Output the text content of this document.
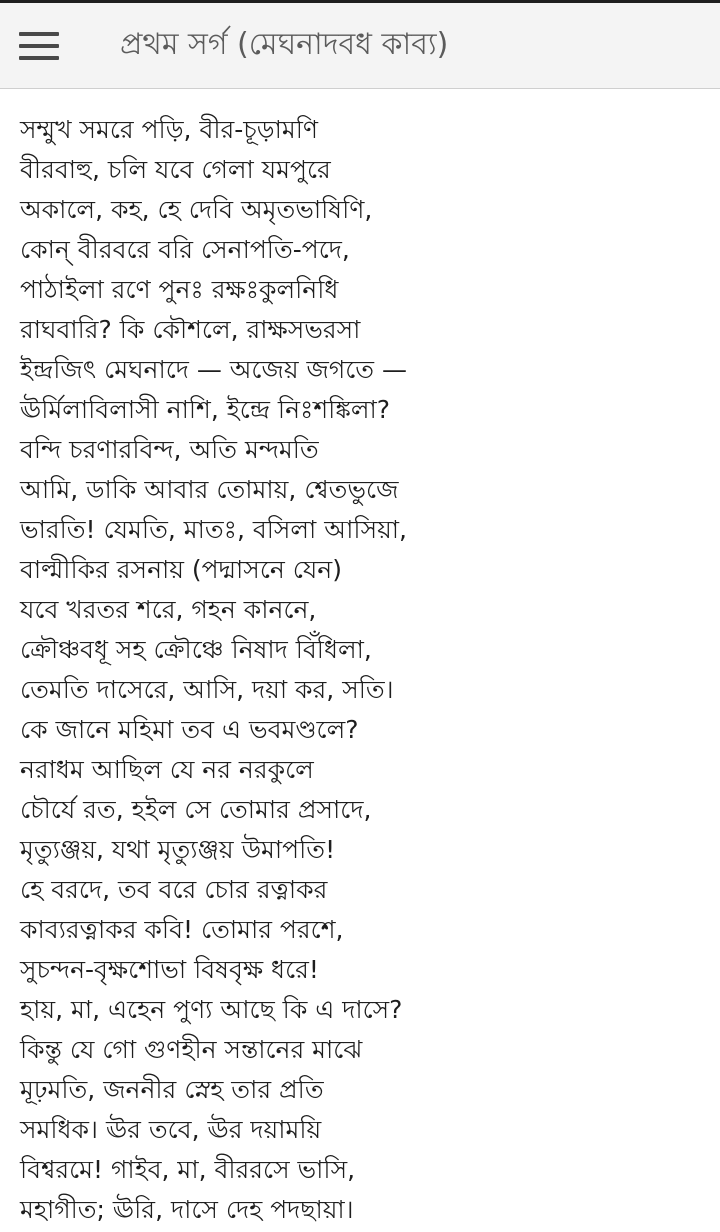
প্রথম সর্গ (মেঘনাদবধ কাব্য)
সম্মুখ সমরে পড়ি, বীর-চূড়ামণি
বীরবাহু, চলি যবে গেলা যমপুরে
অকালে, কহ, হে দেবি অমৃতভাষিণি,
কোন্ বীরবরে বরি সেনাপতি-পদে,
পাঠাইলা রণে পুনঃ রক্ষঃকুলনিধি
রাঘবারি? কি কৌশলে, রাক্ষসভরসা
ইন্দ্রজিৎ মেঘনাদে — অজেয় জগতে —
ঊর্মিলাবিলাসী নাশি, ইন্দ্রে নিঃশঙ্কিলা?
বন্দি চরণারবিন্দ, অতি মন্দমতি
আমি, ডাকি আবার তোমায়, শ্বেতভুজে
ভারতি! যেমতি, মাতঃ, বসিলা আসিয়া,
বাল্মীকির রসনায় (পদ্মাসনে যেন)
যবে খরতর শরে, গহন কাননে,
ক্রৌঞ্চবধূ সহ ক্রৌঞ্চে নিষাদ বিঁধিলা,
তেমতি দাসেরে, আসি, দয়া কর, সতি।
কে জানে মহিমা তব এ ভবমণ্ডলে?
নরাধম আছিল যে নর নরকুলে
চৌর্যে রত, হইল সে তোমার প্রসাদে,
মৃত্যুঞ্জয়, যথা মৃত্যুঞ্জয় উমাপতি!
হে বরদে, তব বরে চোর রত্নাকর
কাব্যরত্নাকর কবি! তোমার পরশে,
সুচন্দন-বৃক্ষশোভা বিষবৃক্ষ ধরে!
হায়, মা, এহেন পুণ্য আছে কি এ দাসে?
কিন্তু যে গো গুণহীন সন্তানের মাঝে
মূঢ়মতি, জননীর স্নেহ তার প্রতি
সমধিক। ঊর তবে, ঊর দয়াময়ি
বিশ্বরমে! গাইব, মা, বীররসে ভাসি,
মহাগীত; ঊরি, দাসে দেহ পদছায়া।
